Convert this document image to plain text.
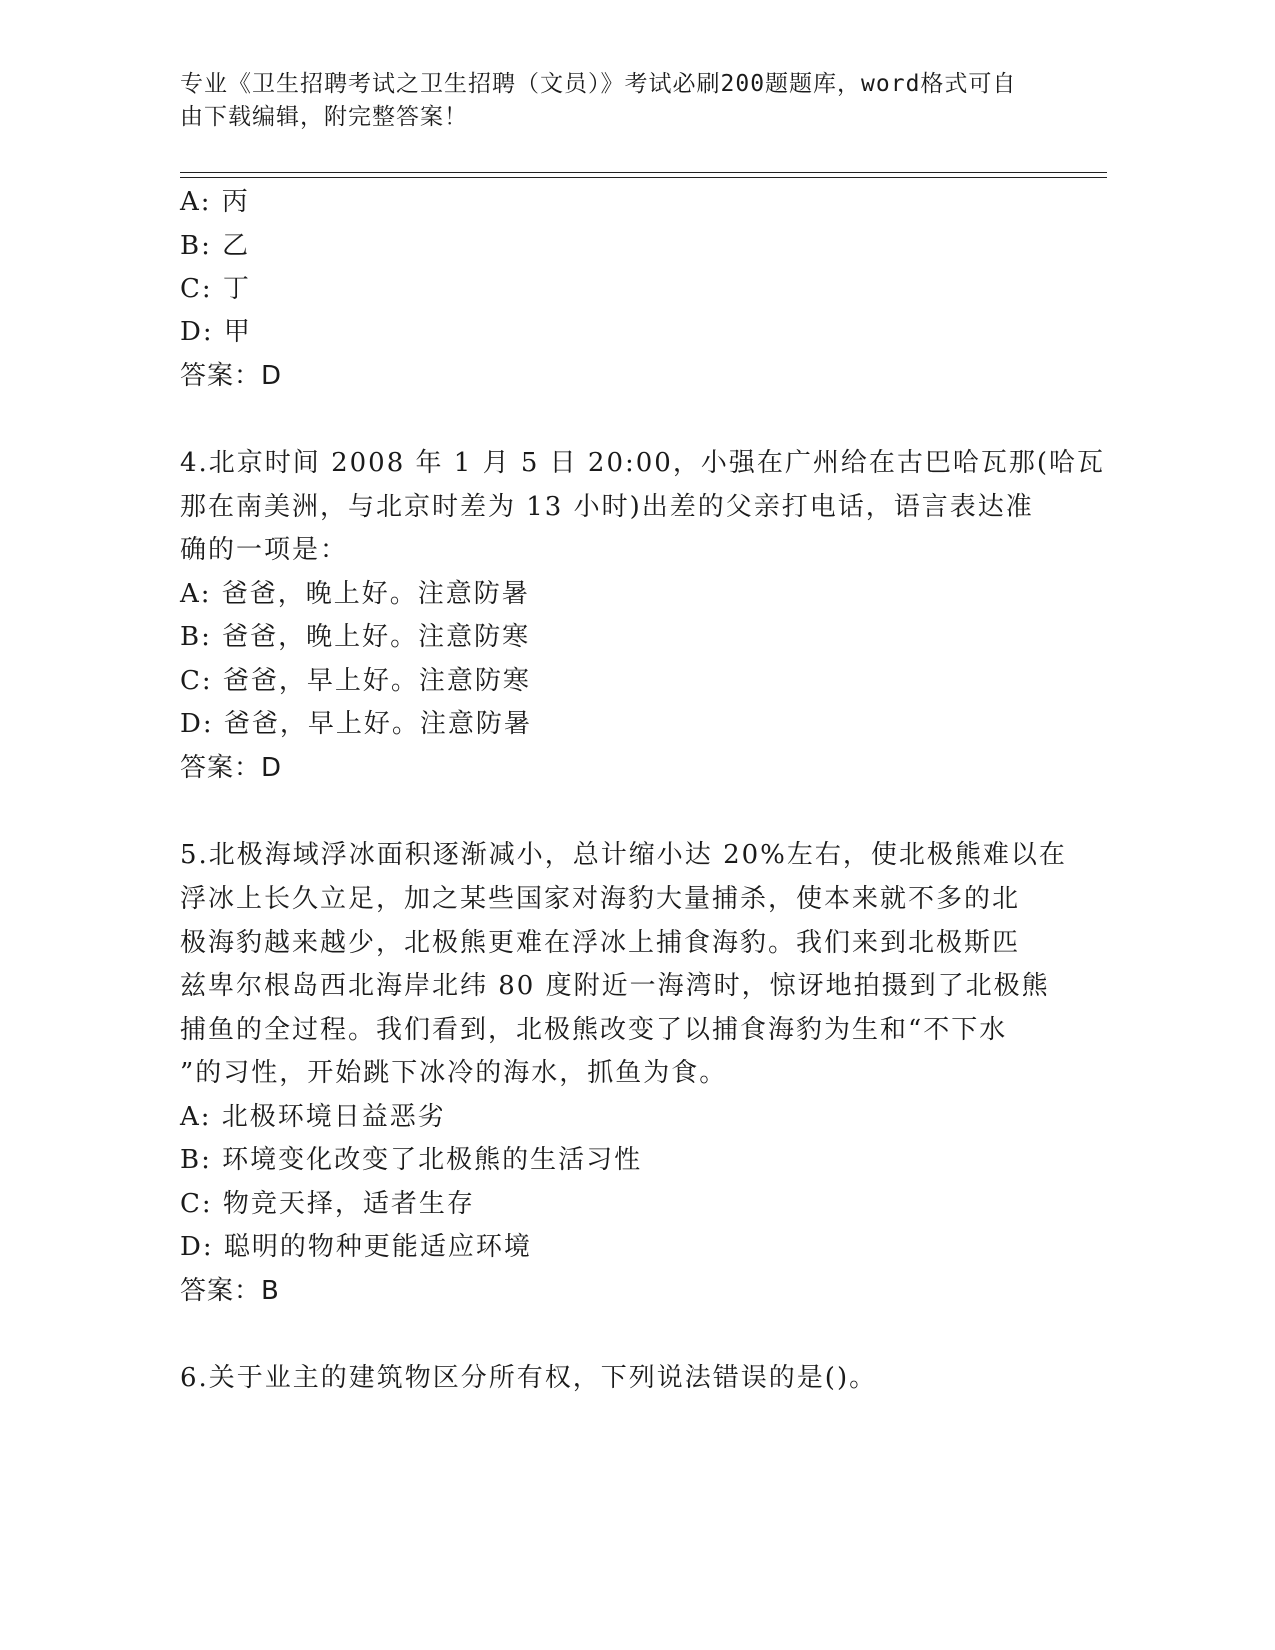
专业《卫生招聘考试之卫生招聘（文员）》考试必刷200题题库，word格式可自
由下载编辑，附完整答案！
A: 丙
B: 乙
C: 丁
D: 甲
答案：D
4.北京时间 2008 年 1 月 5 日 20:00，小强在广州给在古巴哈瓦那(哈瓦
那在南美洲，与北京时差为 13 小时)出差的父亲打电话，语言表达准
确的一项是：
A: 爸爸，晚上好。注意防暑
B: 爸爸，晚上好。注意防寒
C: 爸爸，早上好。注意防寒
D: 爸爸，早上好。注意防暑
答案：D
5.北极海域浮冰面积逐渐减小，总计缩小达 20%左右，使北极熊难以在
浮冰上长久立足，加之某些国家对海豹大量捕杀，使本来就不多的北
极海豹越来越少，北极熊更难在浮冰上捕食海豹。我们来到北极斯匹
兹卑尔根岛西北海岸北纬 80 度附近一海湾时，惊讶地拍摄到了北极熊
捕鱼的全过程。我们看到，北极熊改变了以捕食海豹为生和“不下水
”的习性，开始跳下冰冷的海水，抓鱼为食。
A: 北极环境日益恶劣
B: 环境变化改变了北极熊的生活习性
C: 物竞天择，适者生存
D: 聪明的物种更能适应环境
答案：B
6.关于业主的建筑物区分所有权，下列说法错误的是()。
